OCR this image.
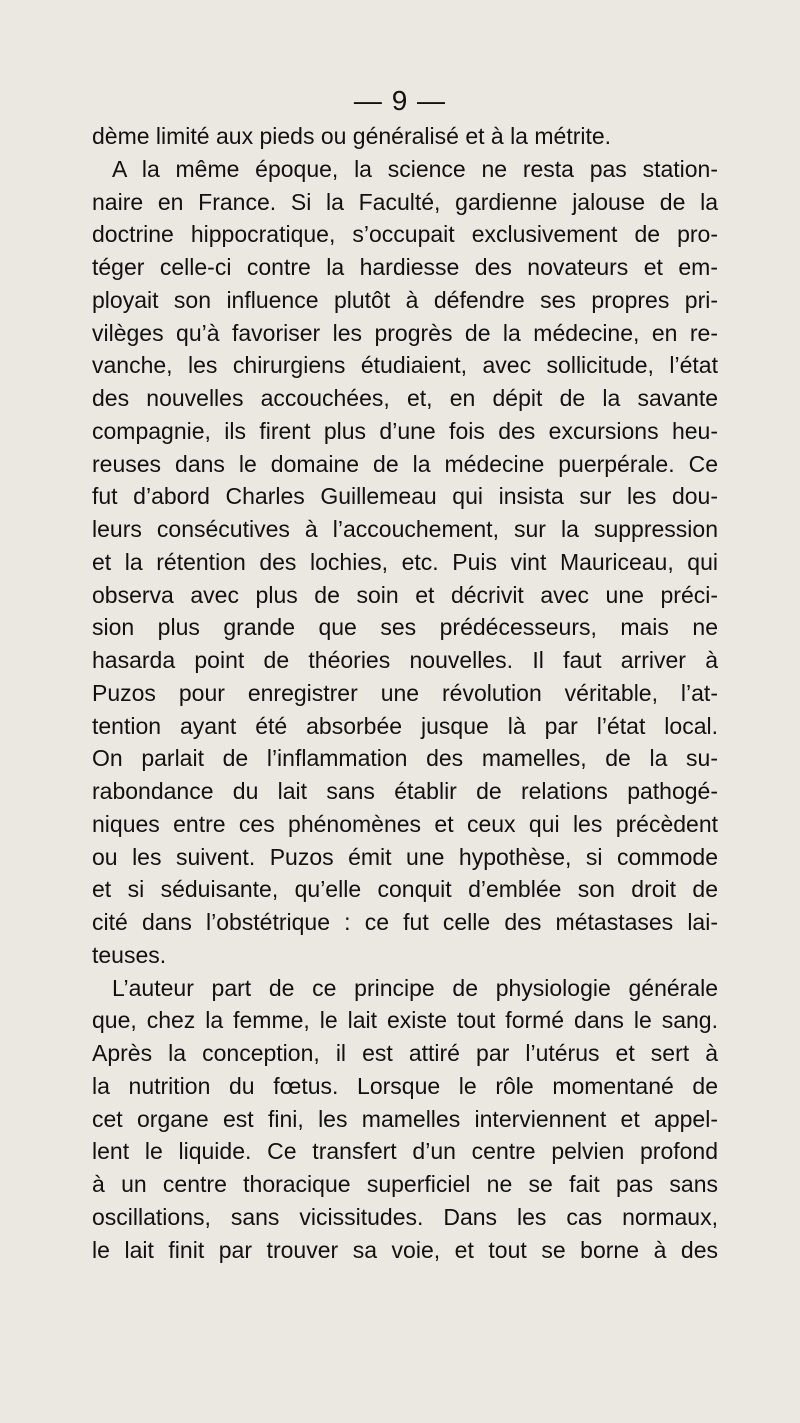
— 9 —
dème limité aux pieds ou généralisé et à la métrite.
A la même époque, la science ne resta pas station-
naire en France. Si la Faculté, gardienne jalouse de la
doctrine hippocratique, s’occupait exclusivement de pro-
téger celle-ci contre la hardiesse des novateurs et em-
ployait son influence plutôt à défendre ses propres pri-
vilèges qu’à favoriser les progrès de la médecine, en re-
vanche, les chirurgiens étudiaient, avec sollicitude, l’état
des nouvelles accouchées, et, en dépit de la savante
compagnie, ils firent plus d’une fois des excursions heu-
reuses dans le domaine de la médecine puerpérale. Ce
fut d’abord Charles Guillemeau qui insista sur les dou-
leurs consécutives à l’accouchement, sur la suppression
et la rétention des lochies, etc. Puis vint Mauriceau, qui
observa avec plus de soin et décrivit avec une préci-
sion plus grande que ses prédécesseurs, mais ne
hasarda point de théories nouvelles. Il faut arriver à
Puzos pour enregistrer une révolution véritable, l’at-
tention ayant été absorbée jusque là par l’état local.
On parlait de l’inflammation des mamelles, de la su-
rabondance du lait sans établir de relations pathogé-
niques entre ces phénomènes et ceux qui les précèdent
ou les suivent. Puzos émit une hypothèse, si commode
et si séduisante, qu’elle conquit d’emblée son droit de
cité dans l’obstétrique : ce fut celle des métastases lai-
teuses.
L’auteur part de ce principe de physiologie générale
que, chez la femme, le lait existe tout formé dans le sang.
Après la conception, il est attiré par l’utérus et sert à
la nutrition du fœtus. Lorsque le rôle momentané de
cet organe est fini, les mamelles interviennent et appel-
lent le liquide. Ce transfert d’un centre pelvien profond
à un centre thoracique superficiel ne se fait pas sans
oscillations, sans vicissitudes. Dans les cas normaux,
le lait finit par trouver sa voie, et tout se borne à des
